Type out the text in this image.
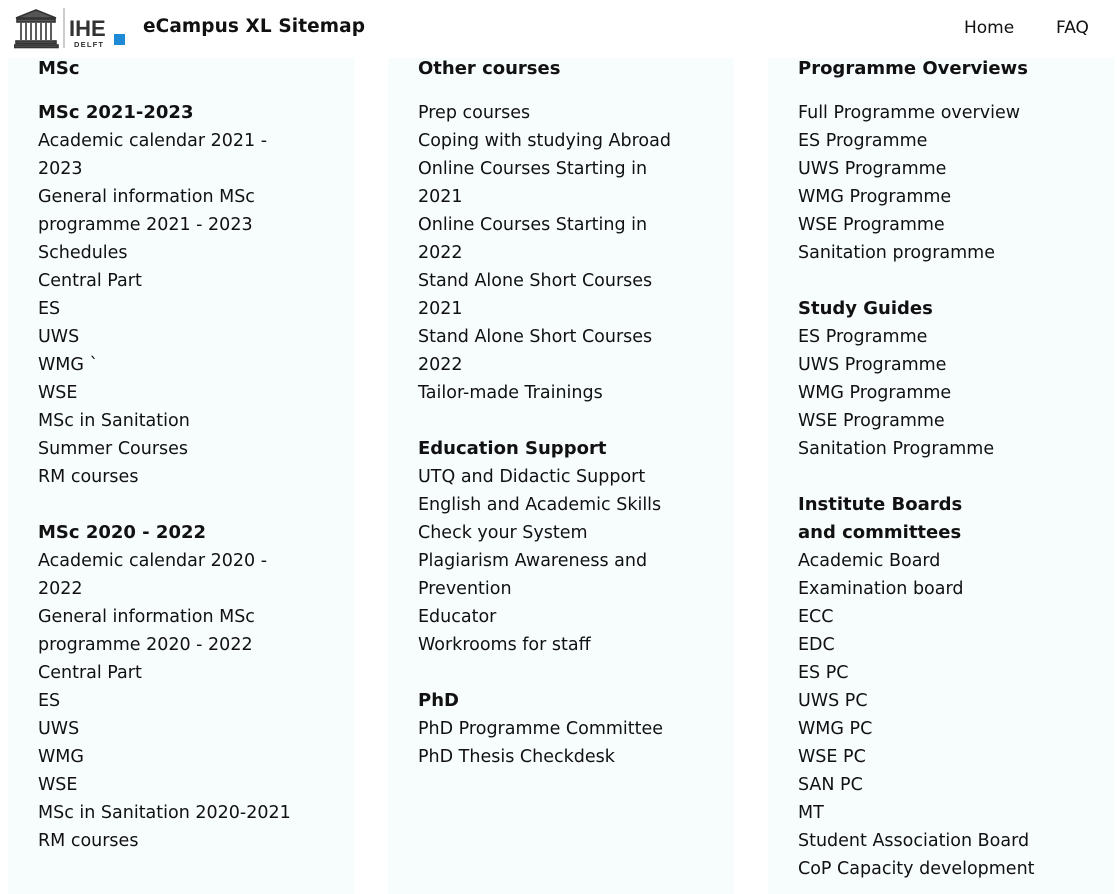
IHE
DELFT
eCampus XL Sitemap	Home FAQ
MSc
MSc 2021-2023
Academic calendar 2021 - 2023
General information MSc programme 2021 - 2023
Schedules
Central Part
ES
UWS
WMG `
WSE
MSc in Sanitation
Summer Courses
RM courses
MSc 2020 - 2022
Academic calendar 2020 - 2022
General information MSc programme 2020 - 2022
Central Part
ES
UWS
WMG
WSE
MSc in Sanitation 2020-2021
RM courses
Other courses
Prep courses
Coping with studying Abroad
Online Courses Starting in 2021
Online Courses Starting in 2022
Stand Alone Short Courses 2021
Stand Alone Short Courses 2022
Tailor-made Trainings
Education Support
UTQ and Didactic Support
English and Academic Skills
Check your System
Plagiarism Awareness and Prevention
Educator
Workrooms for staff
PhD
PhD Programme Committee
PhD Thesis Checkdesk
Programme Overviews
Full Programme overview
ES Programme
UWS Programme
WMG Programme
WSE Programme
Sanitation programme
Study Guides
ES Programme
UWS Programme
WMG Programme
WSE Programme
Sanitation Programme
Institute Boards and committees
Academic Board
Examination board
ECC
EDC
ES PC
UWS PC
WMG PC
WSE PC
SAN PC
MT
Student Association Board
CoP Capacity development
